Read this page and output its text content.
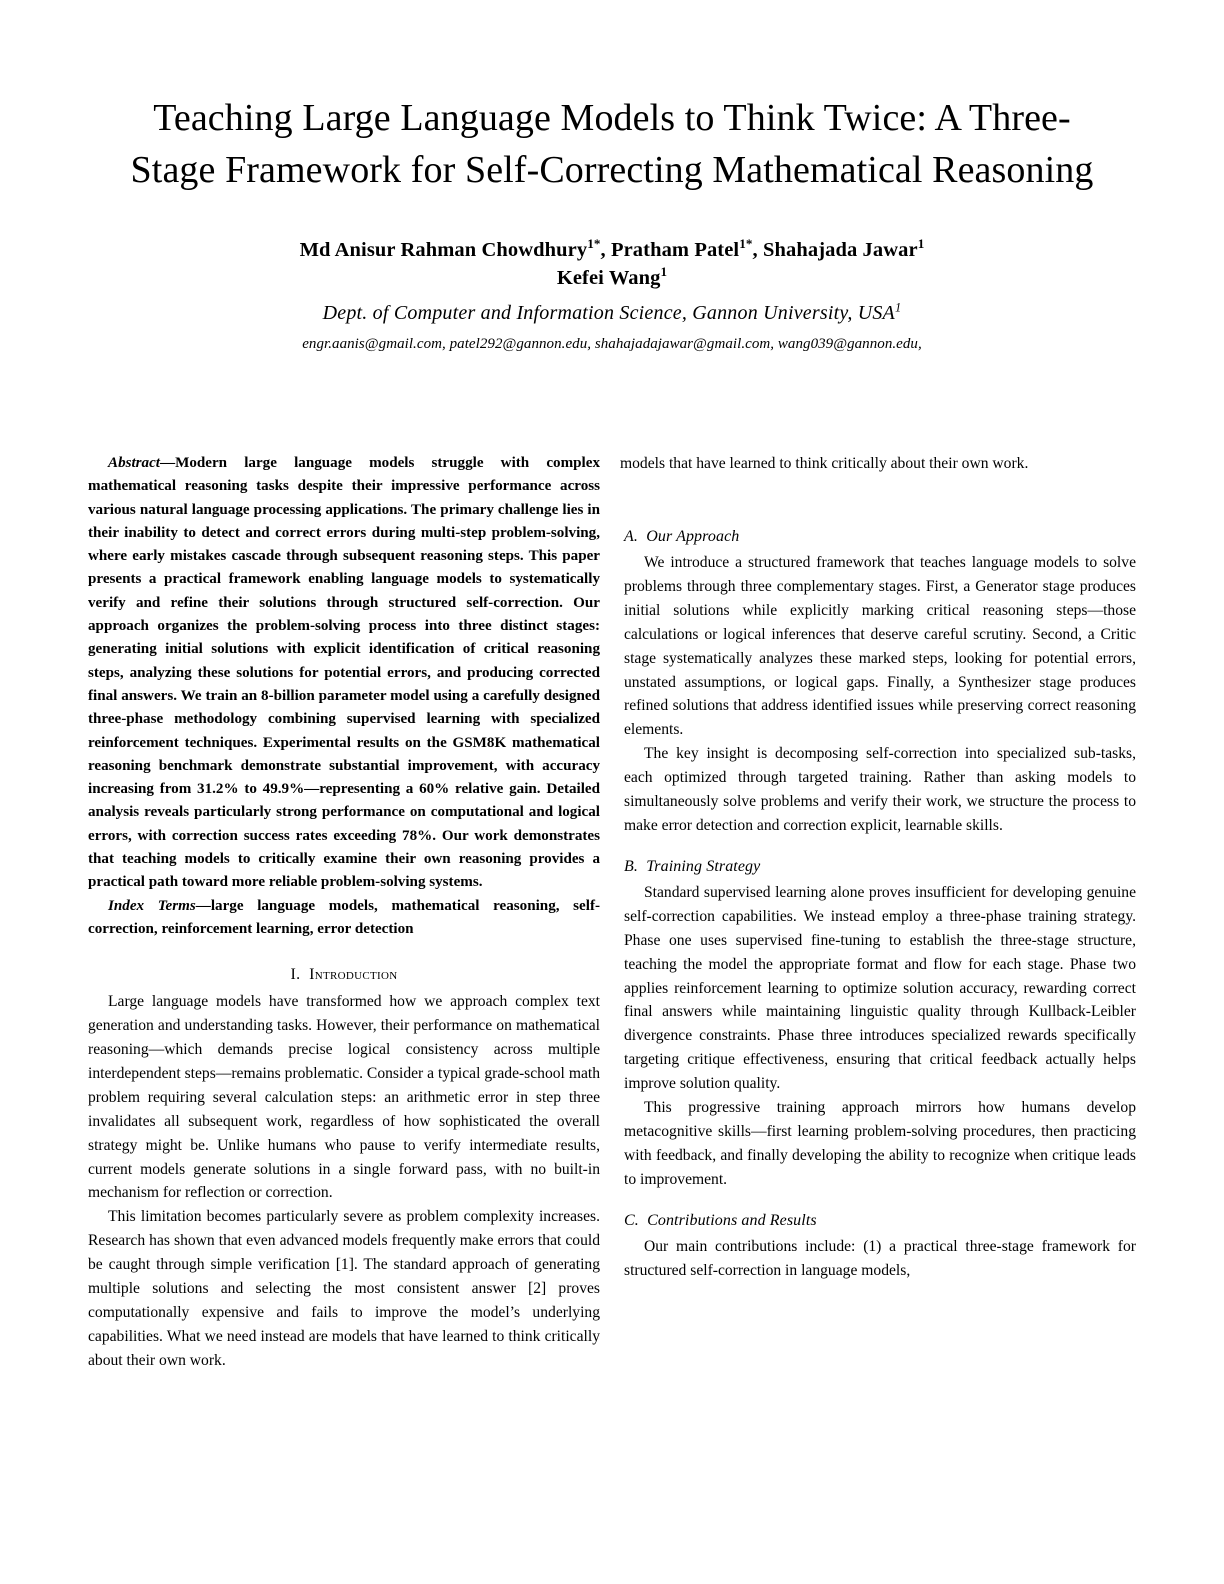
Teaching Large Language Models to Think Twice: A Three-Stage Framework for Self-Correcting Mathematical Reasoning
Md Anisur Rahman Chowdhury$^{1*}$, Pratham Patel$^{1*}$, Shahajada Jawar$^1$
Kefei Wang$^1$
Dept. of Computer and Information Science, Gannon University, USA$^1$
engr.aanis@gmail.com, patel292@gannon.edu, shahajadajawar@gmail.com, wang039@gannon.edu,

Abstract—Modern large language models struggle with complex mathematical reasoning tasks despite their impressive performance across various natural language processing applications. The primary challenge lies in their inability to detect and correct errors during multi-step problem-solving, where early mistakes cascade through subsequent reasoning steps. This paper presents a practical framework enabling language models to systematically verify and refine their solutions through structured self-correction. Our approach organizes the problem-solving process into three distinct stages: generating initial solutions with explicit identification of critical reasoning steps, analyzing these solutions for potential errors, and producing corrected final answers. We train an 8-billion parameter model using a carefully designed three-phase methodology combining supervised learning with specialized reinforcement techniques. Experimental results on the GSM8K mathematical reasoning benchmark demonstrate substantial improvement, with accuracy increasing from 31.2% to 49.9%—representing a 60% relative gain. Detailed analysis reveals particularly strong performance on computational and logical errors, with correction success rates exceeding 78%. Our work demonstrates that teaching models to critically examine their own reasoning provides a practical path toward more reliable problem-solving systems.

Index Terms—large language models, mathematical reasoning, self-correction, reinforcement learning, error detection

I. Introduction

Large language models have transformed how we approach complex text generation and understanding tasks. However, their performance on mathematical reasoning—which demands precise logical consistency across multiple interdependent steps—remains problematic. Consider a typical grade-school math problem requiring several calculation steps: an arithmetic error in step three invalidates all subsequent work, regardless of how sophisticated the overall strategy might be. Unlike humans who pause to verify intermediate results, current models generate solutions in a single forward pass, with no built-in mechanism for reflection or correction.

This limitation becomes particularly severe as problem complexity increases. Research has shown that even advanced models frequently make errors that could be caught through simple verification [1]. The standard approach of generating multiple solutions and selecting the most consistent answer [2] proves computationally expensive and fails to improve the model’s underlying capabilities. What we need instead are models that have learned to think critically about their own work.

A. Our Approach

We introduce a structured framework that teaches language models to solve problems through three complementary stages. First, a Generator stage produces initial solutions while explicitly marking critical reasoning steps—those calculations or logical inferences that deserve careful scrutiny. Second, a Critic stage systematically analyzes these marked steps, looking for potential errors, unstated assumptions, or logical gaps. Finally, a Synthesizer stage produces refined solutions that address identified issues while preserving correct reasoning elements.

The key insight is decomposing self-correction into specialized sub-tasks, each optimized through targeted training. Rather than asking models to simultaneously solve problems and verify their work, we structure the process to make error detection and correction explicit, learnable skills.

B. Training Strategy

Standard supervised learning alone proves insufficient for developing genuine self-correction capabilities. We instead employ a three-phase training strategy. Phase one uses supervised fine-tuning to establish the three-stage structure, teaching the model the appropriate format and flow for each stage. Phase two applies reinforcement learning to optimize solution accuracy, rewarding correct final answers while maintaining linguistic quality through Kullback-Leibler divergence constraints. Phase three introduces specialized rewards specifically targeting critique effectiveness, ensuring that critical feedback actually helps improve solution quality.

This progressive training approach mirrors how humans develop metacognitive skills—first learning problem-solving procedures, then practicing with feedback, and finally developing the ability to recognize when critique leads to improvement.

C. Contributions and Results

Our main contributions include: (1) a practical three-stage framework for structured self-correction in language models,

models that have learned to think critically about their own work.
